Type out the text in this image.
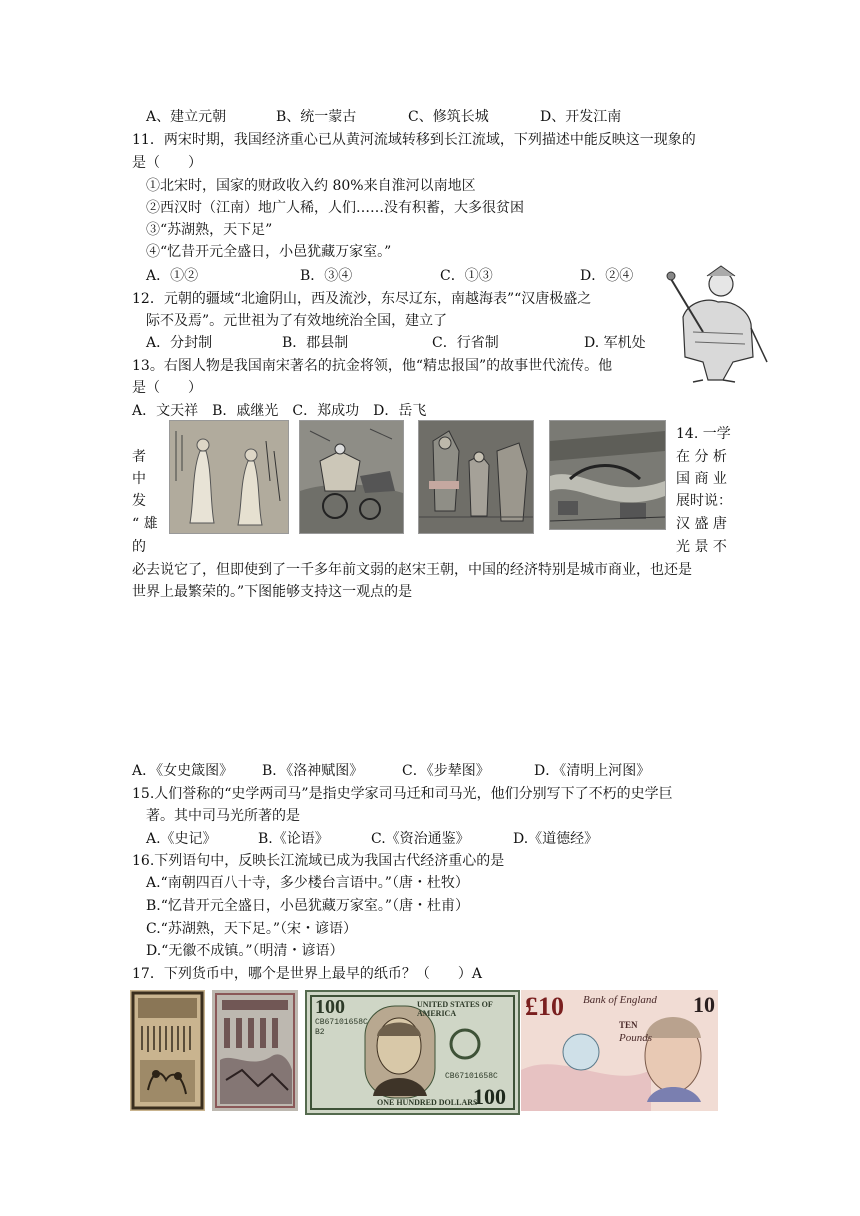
A、建立元朝	B、统一蒙古	C、修筑长城	D、开发江南
11．两宋时期，我国经济重心已从黄河流域转移到长江流域，下列描述中能反映这一现象的
是（　　）
①北宋时，国家的财政收入约 80%来自淮河以南地区
②西汉时（江南）地广人稀，人们……没有积蓄，大多很贫困
③“苏湖熟，天下足”
④“忆昔开元全盛日，小邑犹藏万家室。”
A．①②	B．③④	C．①③	D．②④
12．元朝的疆域“北逾阴山，西及流沙，东尽辽东，南越海表”“汉唐极盛之
际不及焉”。元世祖为了有效地统治全国，建立了
A．分封制	B．郡县制	C．行省制	D. 军机处
13。右图人物是我国南宋著名的抗金将领，他“精忠报国”的故事世代流传。他
是（　　）
A．文天祥　B．戚继光　C．郑成功　D．岳飞
者
中
发
“ 雄
的
14. 一学
在 分 析
国 商 业
展时说：
汉 盛 唐
光 景 不
必去说它了，但即使到了一千多年前文弱的赵宋王朝，中国的经济特别是城市商业，也还是
世界上最繁荣的。”下图能够支持这一观点的是
A．《女史箴图》 B．《洛神赋图》	C．《步辇图》	D．《清明上河图》
15.人们誉称的“史学两司马”是指史学家司马迁和司马光，他们分别写下了不朽的史学巨
著。其中司马光所著的是
A.《史记》	B.《论语》	C.《资治通鉴》	D.《道德经》
16.下列语句中，反映长江流域已成为我国古代经济重心的是
A.“南朝四百八十寺，多少楼台言语中。”（唐・杜牧）
B.“忆昔开元全盛日，小邑犹藏万家室。”（唐・杜甫）
C.“苏湖熟，天下足。”（宋・谚语）
D.“无徽不成镇。”（明清・谚语）
17．下列货币中，哪个是世界上最早的纸币？（　　）A
100	UNITED STATES OF AMERICA
CB67101658C
B2
CB67101658C
100
ONE HUNDRED DOLLARS
£10 Bank of England
TEN
Pounds
10
